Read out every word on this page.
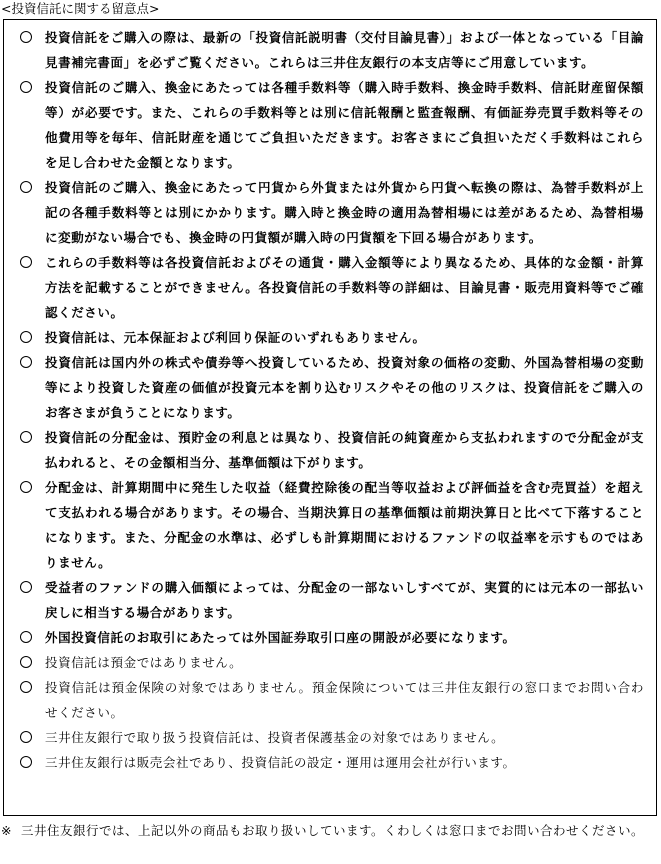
<投資信託に関する留意点>
投資信託をご購入の際は、最新の「投資信託説明書（交付目論見書）」および一体となっている「目論見書補完書面」を必ずご覧ください。これらは三井住友銀行の本支店等にご用意しています。
投資信託のご購入、換金にあたっては各種手数料等（購入時手数料、換金時手数料、信託財産留保額等）が必要です。また、これらの手数料等とは別に信託報酬と監査報酬、有価証券売買手数料等その他費用等を毎年、信託財産を通じてご負担いただきます。お客さまにご負担いただく手数料はこれらを足し合わせた金額となります。
投資信託のご購入、換金にあたって円貨から外貨または外貨から円貨へ転換の際は、為替手数料が上記の各種手数料等とは別にかかります。購入時と換金時の適用為替相場には差があるため、為替相場に変動がない場合でも、換金時の円貨額が購入時の円貨額を下回る場合があります。
これらの手数料等は各投資信託およびその通貨・購入金額等により異なるため、具体的な金額・計算方法を記載することができません。各投資信託の手数料等の詳細は、目論見書・販売用資料等でご確認ください。
投資信託は、元本保証および利回り保証のいずれもありません。
投資信託は国内外の株式や債券等へ投資しているため、投資対象の価格の変動、外国為替相場の変動等により投資した資産の価値が投資元本を割り込むリスクやその他のリスクは、投資信託をご購入のお客さまが負うことになります。
投資信託の分配金は、預貯金の利息とは異なり、投資信託の純資産から支払われますので分配金が支払われると、その金額相当分、基準価額は下がります。
分配金は、計算期間中に発生した収益（経費控除後の配当等収益および評価益を含む売買益）を超えて支払われる場合があります。その場合、当期決算日の基準価額は前期決算日と比べて下落することになります。また、分配金の水準は、必ずしも計算期間におけるファンドの収益率を示すものではありません。
受益者のファンドの購入価額によっては、分配金の一部ないしすべてが、実質的には元本の一部払い戻しに相当する場合があります。
外国投資信託のお取引にあたっては外国証券取引口座の開設が必要になります。
投資信託は預金ではありません。
投資信託は預金保険の対象ではありません。預金保険については三井住友銀行の窓口までお問い合わせください。
三井住友銀行で取り扱う投資信託は、投資者保護基金の対象ではありません。
三井住友銀行は販売会社であり、投資信託の設定・運用は運用会社が行います。
※ 三井住友銀行では、上記以外の商品もお取り扱いしています。くわしくは窓口までお問い合わせください。
